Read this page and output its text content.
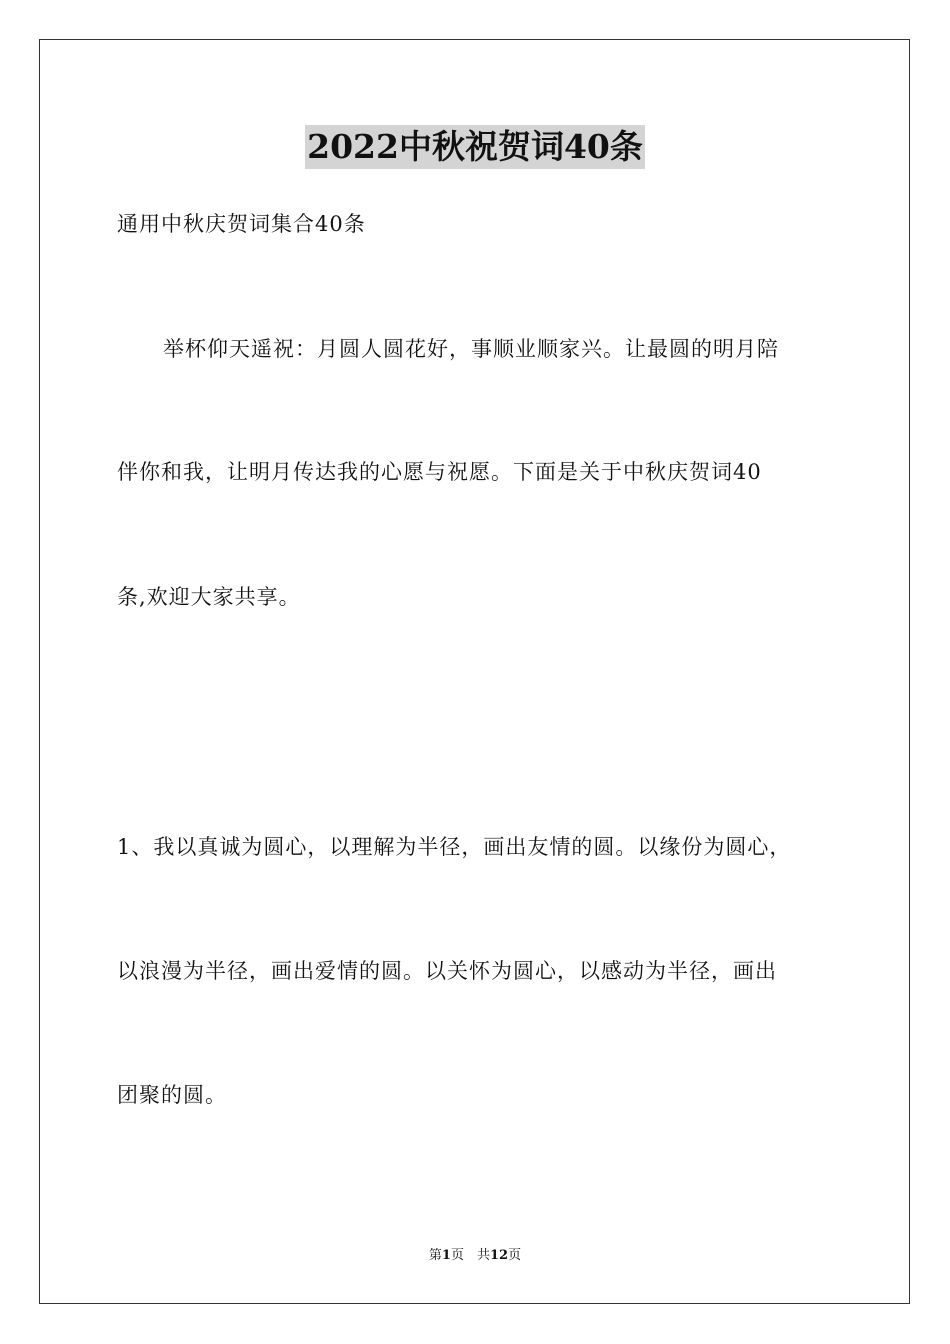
2022中秋祝贺词40条
通用中秋庆贺词集合40条
举杯仰天遥祝：月圆人圆花好，事顺业顺家兴。让最圆的明月陪
伴你和我，让明月传达我的心愿与祝愿。下面是关于中秋庆贺词40
条,欢迎大家共享。
1、我以真诚为圆心，以理解为半径，画出友情的圆。以缘份为圆心，
以浪漫为半径，画出爱情的圆。以关怀为圆心，以感动为半径，画出
团聚的圆。
第1页　共12页
